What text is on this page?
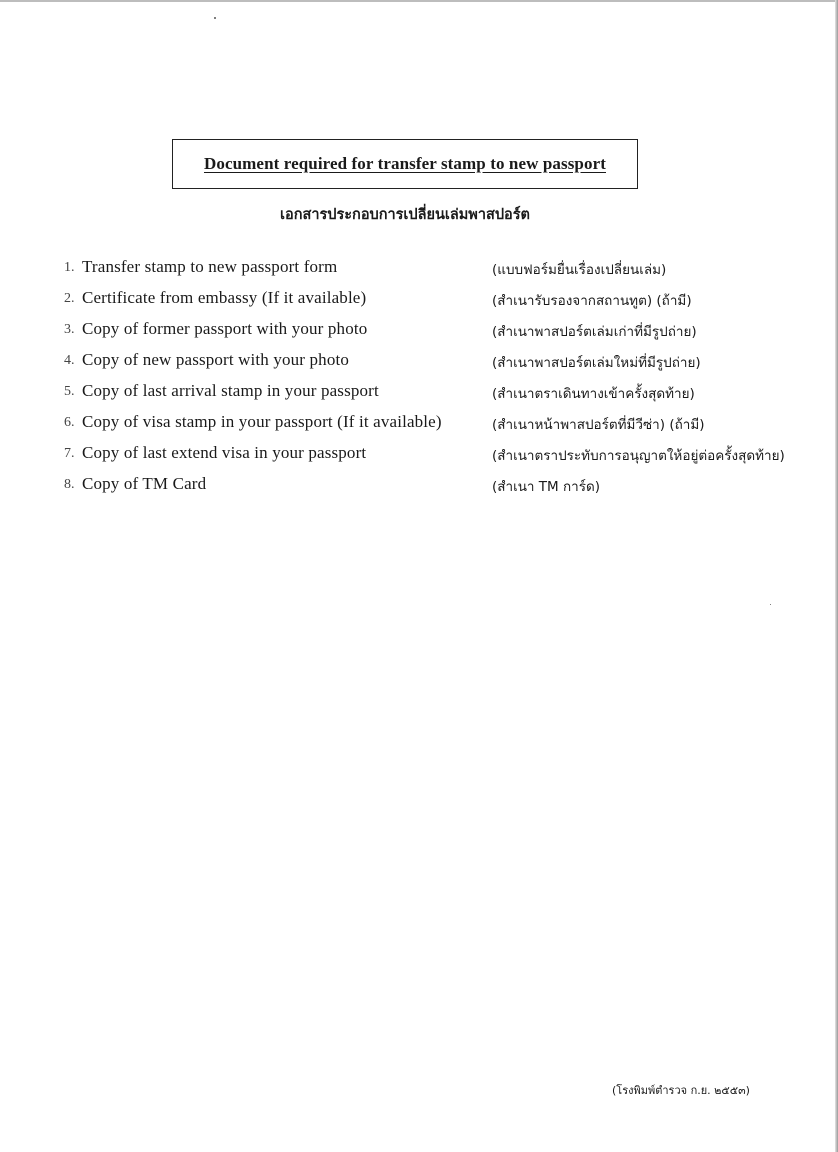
Document required for transfer stamp to new passport
เอกสารประกอบการเปลี่ยนเล่มพาสปอร์ต
1. Transfer stamp to new passport form	(แบบฟอร์มยื่นเรื่องเปลี่ยนเล่ม)
2. Certificate from embassy (If it available)	(สำเนารับรองจากสถานทูต) (ถ้ามี)
3. Copy of former passport with your photo	(สำเนาพาสปอร์ตเล่มเก่าที่มีรูปถ่าย)
4. Copy of new passport with your photo	(สำเนาพาสปอร์ตเล่มใหม่ที่มีรูปถ่าย)
5. Copy of last arrival stamp in your passport	(สำเนาตราเดินทางเข้าครั้งสุดท้าย)
6. Copy of visa stamp in your passport (If it available)	(สำเนาหน้าพาสปอร์ตที่มีวีซ่า) (ถ้ามี)
7. Copy of last extend visa in your passport	(สำเนาตราประทับการอนุญาตให้อยู่ต่อครั้งสุดท้าย)
8. Copy of TM Card	(สำเนา TM การ์ด)
(โรงพิมพ์ตำรวจ ก.ย. ๒๕๕๓)
